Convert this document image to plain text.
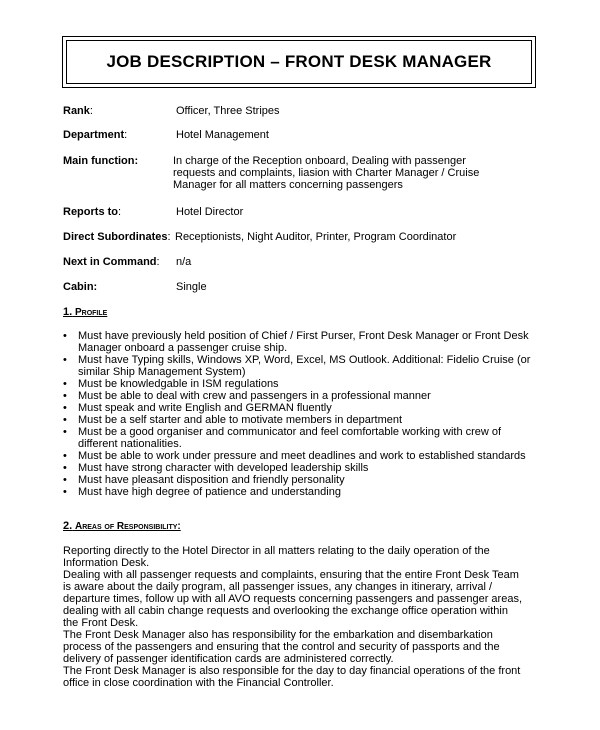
JOB DESCRIPTION – FRONT DESK MANAGER
Rank:	Officer, Three Stripes
Department:	Hotel Management
Main function:	In charge of the Reception onboard, Dealing with passenger requests and complaints, liasion with Charter Manager / Cruise Manager for all matters concerning passengers
Reports to:	Hotel Director
Direct Subordinates: Receptionists, Night Auditor, Printer, Program Coordinator
Next in Command: n/a
Cabin:	Single
1. Profile
• Must have previously held position of Chief / First Purser, Front Desk Manager or Front Desk Manager onboard a passenger cruise ship.
• Must have Typing skills, Windows XP, Word, Excel, MS Outlook. Additional: Fidelio Cruise (or similar Ship Management System)
• Must be knowledgable in ISM regulations
• Must be able to deal with crew and passengers in a professional manner
• Must speak and write English and GERMAN fluently
• Must be a self starter and able to motivate members in department
• Must be a good organiser and communicator and feel comfortable working with crew of different nationalities.
• Must be able to work under pressure and meet deadlines and work to established standards
• Must have strong character with developed leadership skills
• Must have pleasant disposition and friendly personality
• Must have high degree of patience and understanding
2. Areas of Responsibility:

Reporting directly to the Hotel Director in all matters relating to the daily operation of the Information Desk.

Dealing with all passenger requests and complaints, ensuring that the entire Front Desk Team is aware about the daily program, all passenger issues, any changes in itinerary, arrival / departure times, follow up with all AVO requests concerning passengers and passenger areas, dealing with all cabin change requests and overlooking the exchange office operation within the Front Desk.

The Front Desk Manager also has responsibility for the embarkation and disembarkation process of the passengers and ensuring that the control and security of passports and the delivery of passenger identification cards are administered correctly.

The Front Desk Manager is also responsible for the day to day financial operations of the front office in close coordination with the Financial Controller.
